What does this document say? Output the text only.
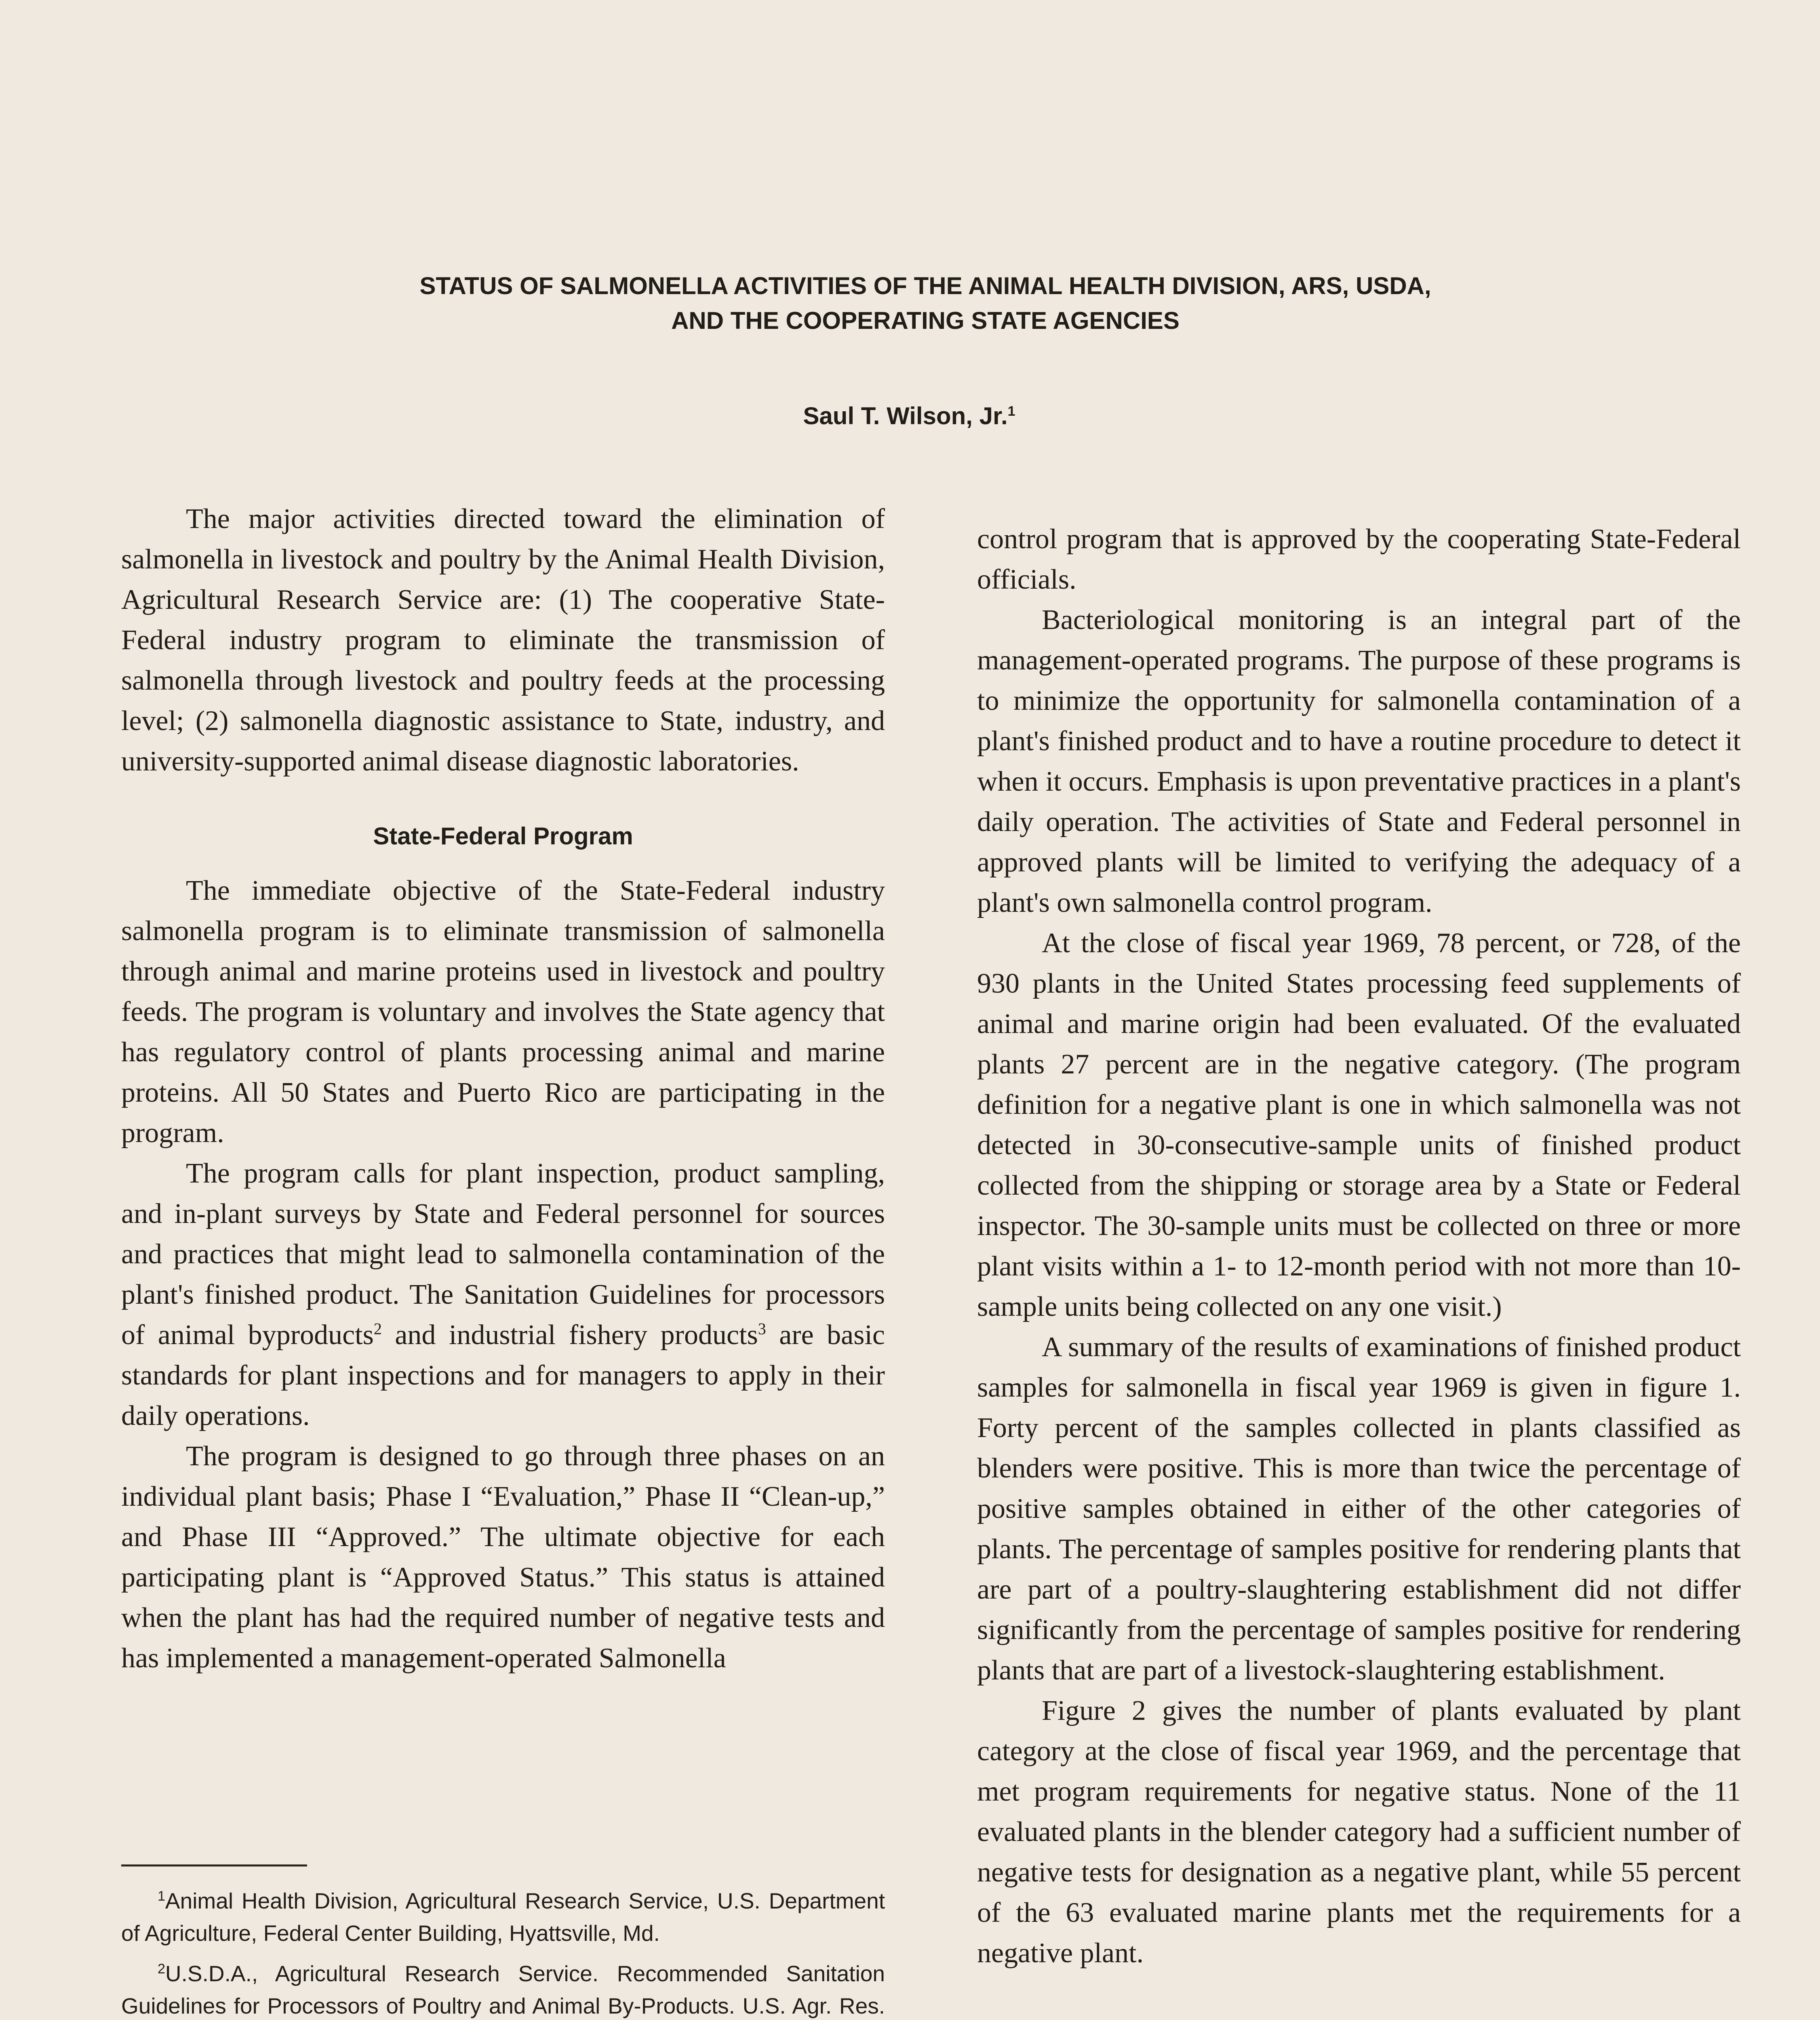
STATUS OF SALMONELLA ACTIVITIES OF THE ANIMAL HEALTH DIVISION, ARS, USDA,
AND THE COOPERATING STATE AGENCIES
Saul T. Wilson, Jr.$^1$

The major activities directed toward the elimination of salmonella in livestock and poultry by the Animal Health Division, Agricultural Research Service are: (1) The cooperative State-Federal industry program to eliminate the transmission of salmonella through livestock and poultry feeds at the processing level; (2) salmonella diagnostic assistance to State, industry, and university-supported animal disease diagnostic laboratories.

State-Federal Program

The immediate objective of the State-Federal industry salmonella program is to eliminate transmission of salmonella through animal and marine proteins used in livestock and poultry feeds. The program is voluntary and involves the State agency that has regulatory control of plants processing animal and marine proteins. All 50 States and Puerto Rico are participating in the program.

The program calls for plant inspection, product sampling, and in-plant surveys by State and Federal personnel for sources and practices that might lead to salmonella contamination of the plant's finished product. The Sanitation Guidelines for processors of animal byproducts$^2$ and industrial fishery products$^3$ are basic standards for plant inspections and for managers to apply in their daily operations.

The program is designed to go through three phases on an individual plant basis; Phase I “Evaluation,” Phase II “Clean-up,” and Phase III “Approved.” The ultimate objective for each participating plant is “Approved Status.” This status is attained when the plant has had the required number of negative tests and has implemented a management-operated Salmonella

control program that is approved by the cooperating State-Federal officials.

Bacteriological monitoring is an integral part of the management-operated programs. The purpose of these programs is to minimize the opportunity for salmonella contamination of a plant's finished product and to have a routine procedure to detect it when it occurs. Emphasis is upon preventative practices in a plant's daily operation. The activities of State and Federal personnel in approved plants will be limited to verifying the adequacy of a plant's own salmonella control program.

At the close of fiscal year 1969, 78 percent, or 728, of the 930 plants in the United States processing feed supplements of animal and marine origin had been evaluated. Of the evaluated plants 27 percent are in the negative category. (The program definition for a negative plant is one in which salmonella was not detected in 30-consecutive-sample units of finished product collected from the shipping or storage area by a State or Federal inspector. The 30-sample units must be collected on three or more plant visits within a 1- to 12-month period with not more than 10-sample units being collected on any one visit.)

A summary of the results of examinations of finished product samples for salmonella in fiscal year 1969 is given in figure 1. Forty percent of the samples collected in plants classified as blenders were positive. This is more than twice the percentage of positive samples obtained in either of the other categories of plants. The percentage of samples positive for rendering plants that are part of a poultry-slaughtering establishment did not differ significantly from the percentage of samples positive for rendering plants that are part of a livestock-slaughtering establishment.

Figure 2 gives the number of plants evaluated by plant category at the close of fiscal year 1969, and the percentage that met program requirements for negative status. None of the 11 evaluated plants in the blender category had a sufficient number of negative tests for designation as a negative plant, while 55 percent of the 63 evaluated marine plants met the requirements for a negative plant.

$^1$Animal Health Division, Agricultural Research Service, U.S. Department of Agriculture, Federal Center Building, Hyattsville, Md.

$^2$U.S.D.A., Agricultural Research Service. Recommended Sanitation Guidelines for Processors of Poultry and Animal By-Products. U.S. Agr. Res.
